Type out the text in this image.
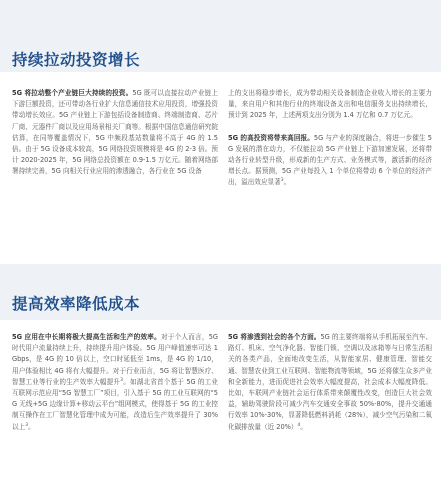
持续拉动投资增长

5G 将拉动整个产业链巨大持续的投资。5G 既可以直接拉动产业链上下游巨额投资，还可带动各行业扩大信息通信技术应用投资，增强投资带动增长效应。5G 产业链上下游包括设备制造商、终端制造商、芯片厂商、元器件厂商以及应用场景相关厂商等。根据中国信息通信研究院估算，在同等覆盖情况下，5G 中频段基站数量将不高于 4G 的 1.5 倍。由于 5G 设备成本较高，5G 网络投资规模将是 4G 的 2-3 倍。预计 2020-2025 年，5G 网络总投资额在 0.9-1.5 万亿元。随着网络部署持续完善，5G 向相关行业应用的渗透融合，各行业在 5G 设备

上的支出将稳步增长，成为带动相关设备制造企业收入增长的主要力量，来自用户和其他行业的终端设备支出和电信服务支出持续增长，预计到 2025 年，上述两项支出分别为 1.4 万亿和 0.7 万亿元。

5G 的高投资将带来高回报。5G 与产业的深度融合，将进一步催生 5G 发展的潜在动力，不仅能拉动 5G 产业链上下游加速发展，还将带动各行业转型升级，形成新的生产方式、业务模式等，激活新的经济增长点。据预测，5G 产业每投入 1 个单位将带动 6 个单位的经济产出，溢出效应显著$^3$。

提高效率降低成本

5G 应用在中长期将极大提高生活和生产的效率。对于个人而言，5G 时代用户流量持续上升，持续提升用户体验。5G 用户峰值速率可达 1Gbps，是 4G 的 10 倍以上，空口时延低至 1ms，是 4G 的 1/10，用户体验相比 4G 将有大幅提升。对于行业而言，5G 将让智慧医疗、智慧工业等行业的生产效率大幅提升$^3$。如湖北省首个基于 5G 的工业互联网示范应用“5G 智慧工厂”项目，引入基于 5G 的工业互联网的“5G 无线+5G 边缘计算+移动云平台”组网模式，使得基于 5G 的工业控制互操作在工厂智慧化管理中成为可能，改造后生产效率提升了 30% 以上$^3$。

5G 将渗透到社会的各个方面。5G 的主要终端将从手机拓展至汽车、路灯、机床、空气净化器、智能门锁、空调以及冰箱等与日常生活相关的各类产品，全面地改变生活，从智能家居、健康管理、智能交通、智慧农业到工业互联网、智能物流等领域，5G 还将催生众多产业和全新能力，进而促进社会效率大幅度提高，社会成本大幅度降低。比如，车联网产业链社会运行体系带来颠覆性改变，创造巨大社会效益，辅助驾驶阶段可减少汽车交通安全事故 50%-80%，提升交通通行效率 10%-30%，显著降低燃料消耗（28%），减少空气污染和二氧化碳排放量（近 20%）$^4$。
